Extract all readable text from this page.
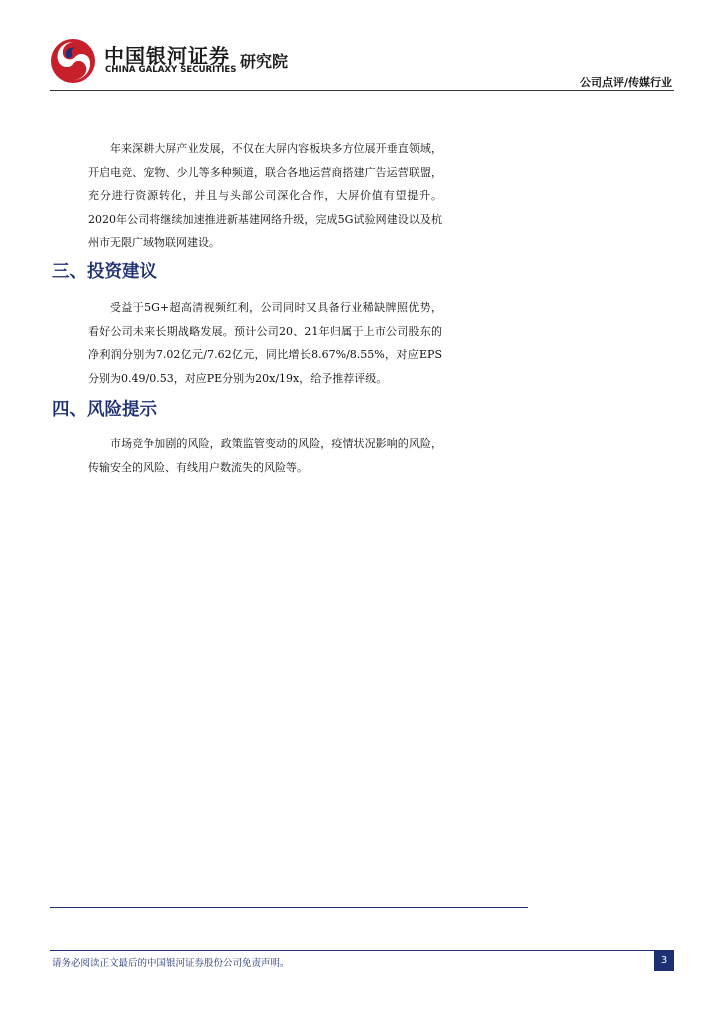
中国银河证券
CHINA GALAXY SECURITIES 研究院
公司点评/传媒行业

年来深耕大屏产业发展，不仅在大屏内容板块多方位展开垂直领域，开启电竞、宠物、少儿等多种频道，联合各地运营商搭建广告运营联盟，充分进行资源转化，并且与头部公司深化合作，大屏价值有望提升。2020年公司将继续加速推进新基建网络升级，完成5G试验网建设以及杭州市无限广域物联网建设。

三、投资建议

受益于5G+超高清视频红利，公司同时又具备行业稀缺牌照优势，看好公司未来长期战略发展。预计公司20、21年归属于上市公司股东的净利润分别为7.02亿元/7.62亿元，同比增长8.67%/8.55%，对应EPS分别为0.49/0.53，对应PE分别为20x/19x，给予推荐评级。

四、风险提示

市场竞争加剧的风险，政策监管变动的风险，疫情状况影响的风险，传输安全的风险、有线用户数流失的风险等。

请务必阅读正文最后的中国银河证券股份公司免责声明。	3
